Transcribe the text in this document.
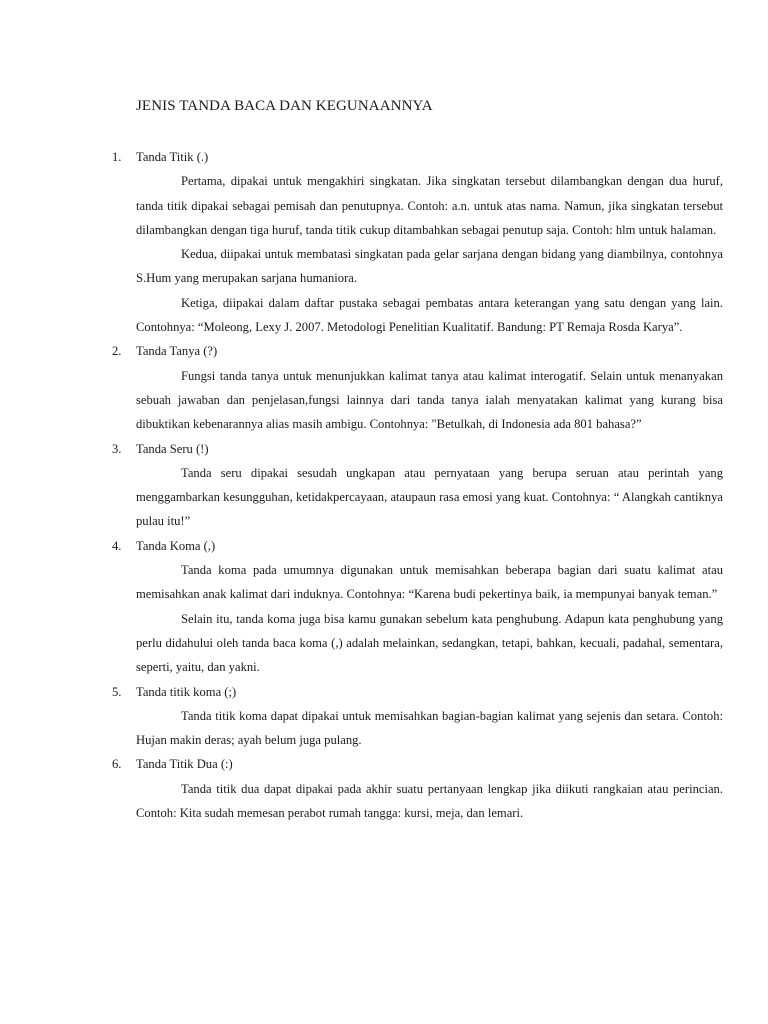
JENIS TANDA BACA DAN KEGUNAANNYA
1.	Tanda Titik (.)

Pertama, dipakai untuk mengakhiri singkatan. Jika singkatan tersebut dilambangkan dengan dua huruf, tanda titik dipakai sebagai pemisah dan penutupnya. Contoh: a.n. untuk atas nama. Namun, jika singkatan tersebut dilambangkan dengan tiga huruf, tanda titik cukup ditambahkan sebagai penutup saja. Contoh: hlm untuk halaman.

Kedua, diipakai untuk membatasi singkatan pada gelar sarjana dengan bidang yang diambilnya, contohnya S.Hum yang merupakan sarjana humaniora.

Ketiga, diipakai dalam daftar pustaka sebagai pembatas antara keterangan yang satu dengan yang lain. Contohnya: “Moleong, Lexy J. 2007. Metodologi Penelitian Kualitatif. Bandung: PT Remaja Rosda Karya”.

2.	Tanda Tanya (?)

Fungsi tanda tanya untuk menunjukkan kalimat tanya atau kalimat interogatif. Selain untuk menanyakan sebuah jawaban dan penjelasan,fungsi lainnya dari tanda tanya ialah menyatakan kalimat yang kurang bisa dibuktikan kebenarannya alias masih ambigu. Contohnya: "Betulkah, di Indonesia ada 801 bahasa?”

3.	Tanda Seru (!)

Tanda seru dipakai sesudah ungkapan atau pernyataan yang berupa seruan atau perintah yang menggambarkan kesungguhan, ketidakpercayaan, ataupaun rasa emosi yang kuat. Contohnya: “ Alangkah cantiknya pulau itu!”

4.	Tanda Koma (,)

Tanda koma pada umumnya digunakan untuk memisahkan beberapa bagian dari suatu kalimat atau memisahkan anak kalimat dari induknya. Contohnya: “Karena budi pekertinya baik, ia mempunyai banyak teman.”

Selain itu, tanda koma juga bisa kamu gunakan sebelum kata penghubung. Adapun kata penghubung yang perlu didahului oleh tanda baca koma (,) adalah melainkan, sedangkan, tetapi, bahkan, kecuali, padahal, sementara, seperti, yaitu, dan yakni.

5.	Tanda titik koma (;)

Tanda titik koma dapat dipakai untuk memisahkan bagian-bagian kalimat yang sejenis dan setara. Contoh: Hujan makin deras; ayah belum juga pulang.

6.	Tanda Titik Dua (:)

Tanda titik dua dapat dipakai pada akhir suatu pertanyaan lengkap jika diikuti rangkaian atau perincian. Contoh: Kita sudah memesan perabot rumah tangga: kursi, meja, dan lemari.
